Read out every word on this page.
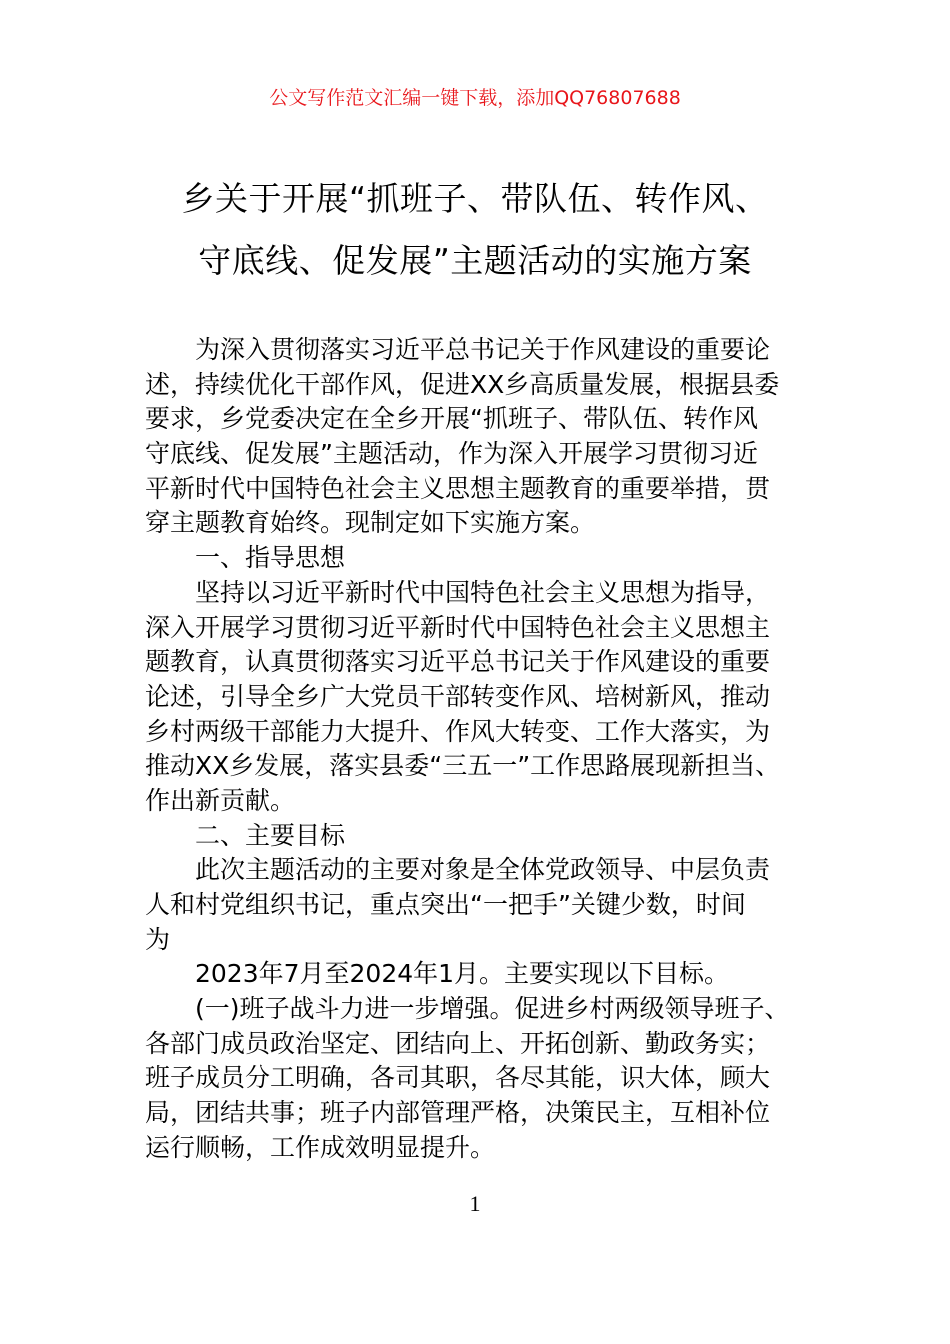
公文写作范文汇编一键下载，添加QQ76807688
乡关于开展“抓班子、带队伍、转作风、
守底线、促发展”主题活动的实施方案
为深入贯彻落实习近平总书记关于作风建设的重要论
述，持续优化干部作风，促进XX乡高质量发展，根据县委
要求，乡党委决定在全乡开展“抓班子、带队伍、转作风
守底线、促发展”主题活动，作为深入开展学习贯彻习近
平新时代中国特色社会主义思想主题教育的重要举措，贯
穿主题教育始终。现制定如下实施方案。
一、指导思想
坚持以习近平新时代中国特色社会主义思想为指导，
深入开展学习贯彻习近平新时代中国特色社会主义思想主
题教育，认真贯彻落实习近平总书记关于作风建设的重要
论述，引导全乡广大党员干部转变作风、培树新风，推动
乡村两级干部能力大提升、作风大转变、工作大落实，为
推动XX乡发展，落实县委“三五一”工作思路展现新担当、
作出新贡献。
二、主要目标
此次主题活动的主要对象是全体党政领导、中层负责
人和村党组织书记，重点突出“一把手”关键少数，时间
为
2023年7月至2024年1月。主要实现以下目标。
(一)班子战斗力进一步增强。促进乡村两级领导班子、
各部门成员政治坚定、团结向上、开拓创新、勤政务实；
班子成员分工明确，各司其职，各尽其能，识大体，顾大
局，团结共事；班子内部管理严格，决策民主，互相补位
运行顺畅，工作成效明显提升。
1
